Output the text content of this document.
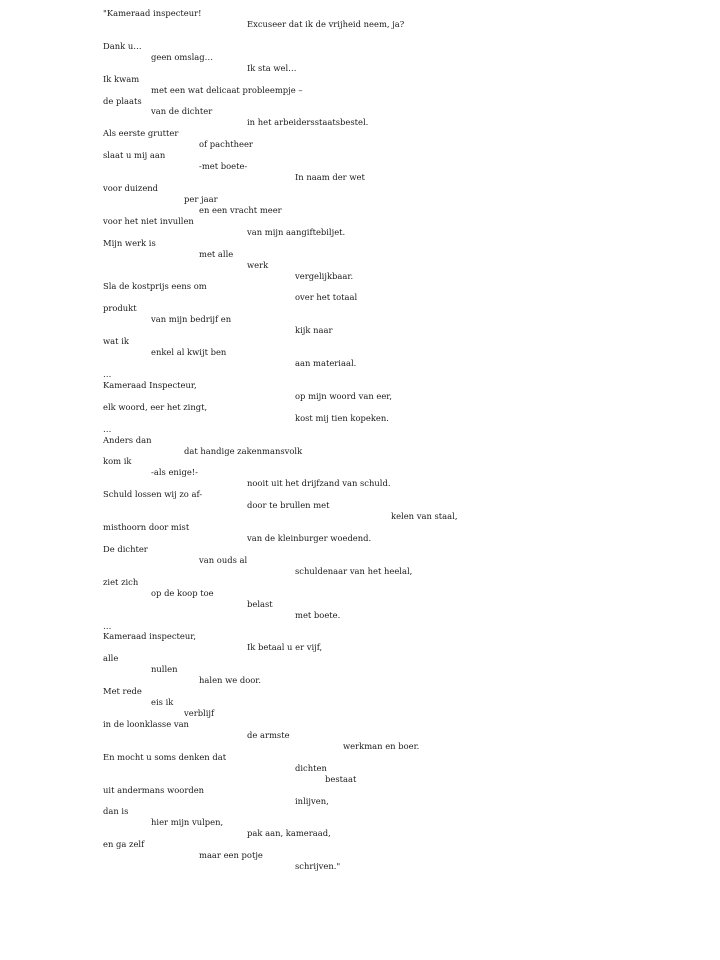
"Kameraad inspecteur!
Excuseer dat ik de vrijheid neem, ja?
Dank u…
geen omslag…
Ik sta wel…
Ik kwam
met een wat delicaat probleempje –
de plaats
van de dichter
in het arbeidersstaatsbestel.
Als eerste grutter
of pachtheer
slaat u mij aan
-met boete-
In naam der wet
voor duizend
per jaar
en een vracht meer
voor het niet invullen
van mijn aangiftebiljet.
Mijn werk is
met alle
werk
vergelijkbaar.
Sla de kostprijs eens om
over het totaal
produkt
van mijn bedrijf en
kijk naar
wat ik
enkel al kwijt ben
aan materiaal.
…
Kameraad Inspecteur,
op mijn woord van eer,
elk woord, eer het zingt,
kost mij tien kopeken.
…
Anders dan
dat handige zakenmansvolk
kom ik
-als enige!-
nooit uit het drijfzand van schuld.
Schuld lossen wij zo af-
door te brullen met
kelen van staal,
misthoorn door mist
van de kleinburger woedend.
De dichter
van ouds al
schuldenaar van het heelal,
ziet zich
op de koop toe
belast
met boete.
…
Kameraad inspecteur,
Ik betaal u er vijf,
alle
nullen
halen we door.
Met rede
eis ik
verblijf
in de loonklasse van
de armste
werkman en boer.
En mocht u soms denken dat
dichten
bestaat
uit andermans woorden
inlijven,
dan is
hier mijn vulpen,
pak aan, kameraad,
en ga zelf
maar een potje
schrijven."
